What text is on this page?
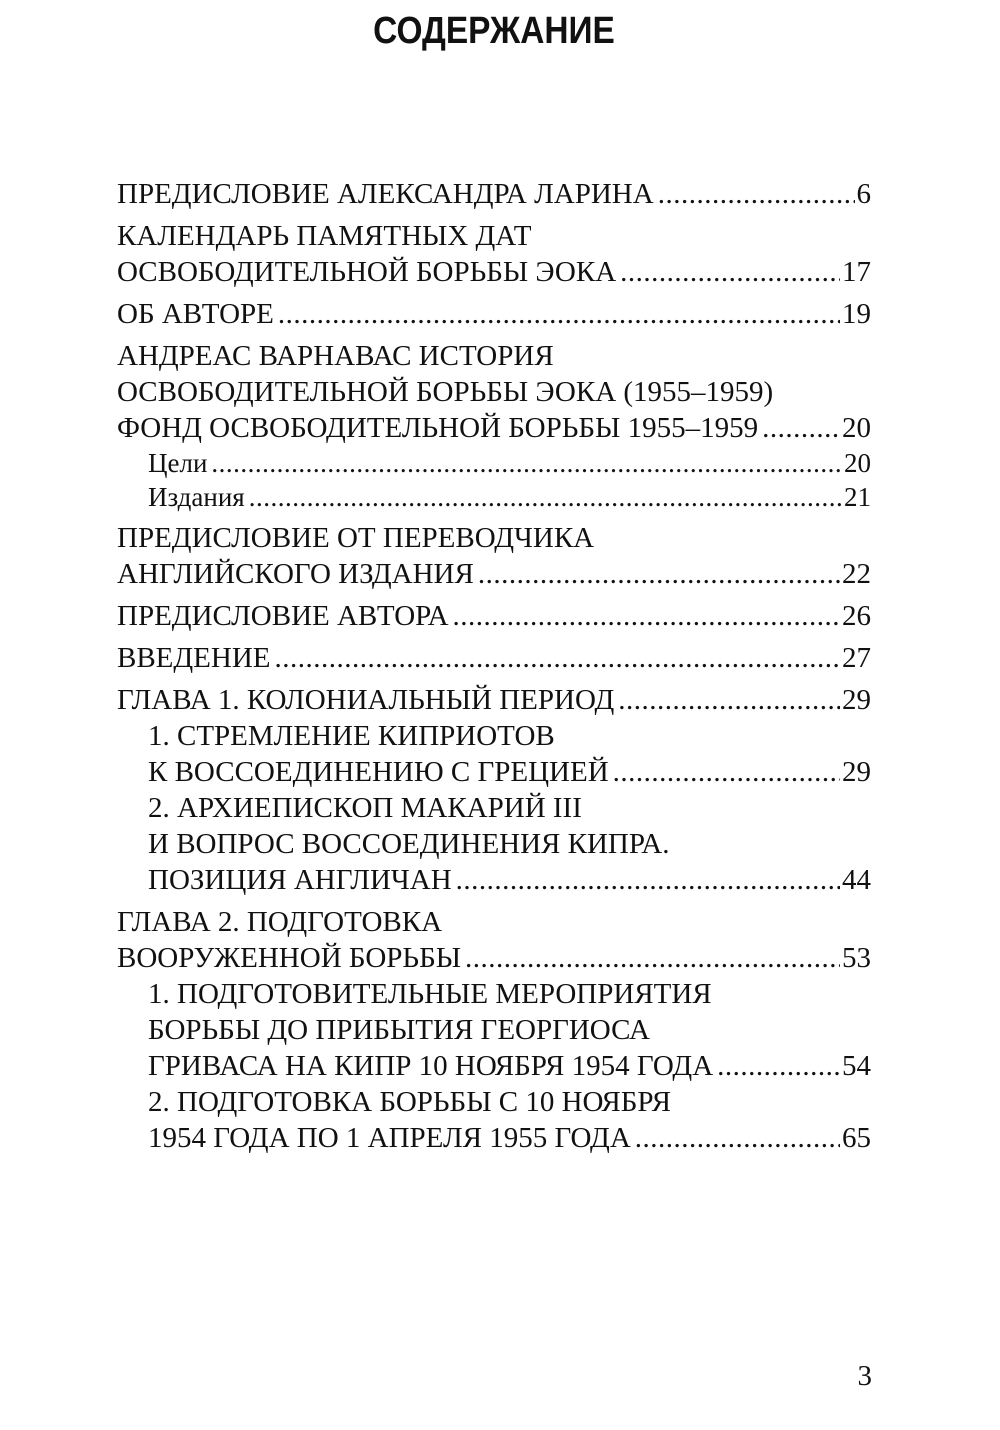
СОДЕРЖАНИЕ
ПРЕДИСЛОВИЕ АЛЕКСАНДРА ЛАРИНА .....	6
КАЛЕНДАРЬ ПАМЯТНЫХ ДАТ
ОСВОБОДИТЕЛЬНОЙ БОРЬБЫ ЭОКА .....	17
ОБ АВТОРЕ .....	19
АНДРЕАС ВАРНАВАС ИСТОРИЯ
ОСВОБОДИТЕЛЬНОЙ БОРЬБЫ ЭОКА (1955–1959)
ФОНД ОСВОБОДИТЕЛЬНОЙ БОРЬБЫ 1955–1959 .....	20
Цели .....	20
Издания .....	21
ПРЕДИСЛОВИЕ ОТ ПЕРЕВОДЧИКА
АНГЛИЙСКОГО ИЗДАНИЯ .....	22
ПРЕДИСЛОВИЕ АВТОРА .....	26
ВВЕДЕНИЕ .....	27
ГЛАВА 1. КОЛОНИАЛЬНЫЙ ПЕРИОД .....	29
1. СТРЕМЛЕНИЕ КИПРИОТОВ
К ВОССОЕДИНЕНИЮ С ГРЕЦИЕЙ .....	29
2. АРХИЕПИСКОП МАКАРИЙ III
И ВОПРОС ВОССОЕДИНЕНИЯ КИПРА.
ПОЗИЦИЯ АНГЛИЧАН .....	44
ГЛАВА 2. ПОДГОТОВКА
ВООРУЖЕННОЙ БОРЬБЫ .....	53
1. ПОДГОТОВИТЕЛЬНЫЕ МЕРОПРИЯТИЯ
БОРЬБЫ ДО ПРИБЫТИЯ ГЕОРГИОСА
ГРИВАСА НА КИПР 10 НОЯБРЯ 1954 ГОДА .....	54
2. ПОДГОТОВКА БОРЬБЫ С 10 НОЯБРЯ
1954 ГОДА ПО 1 АПРЕЛЯ 1955 ГОДА .....	65
3
